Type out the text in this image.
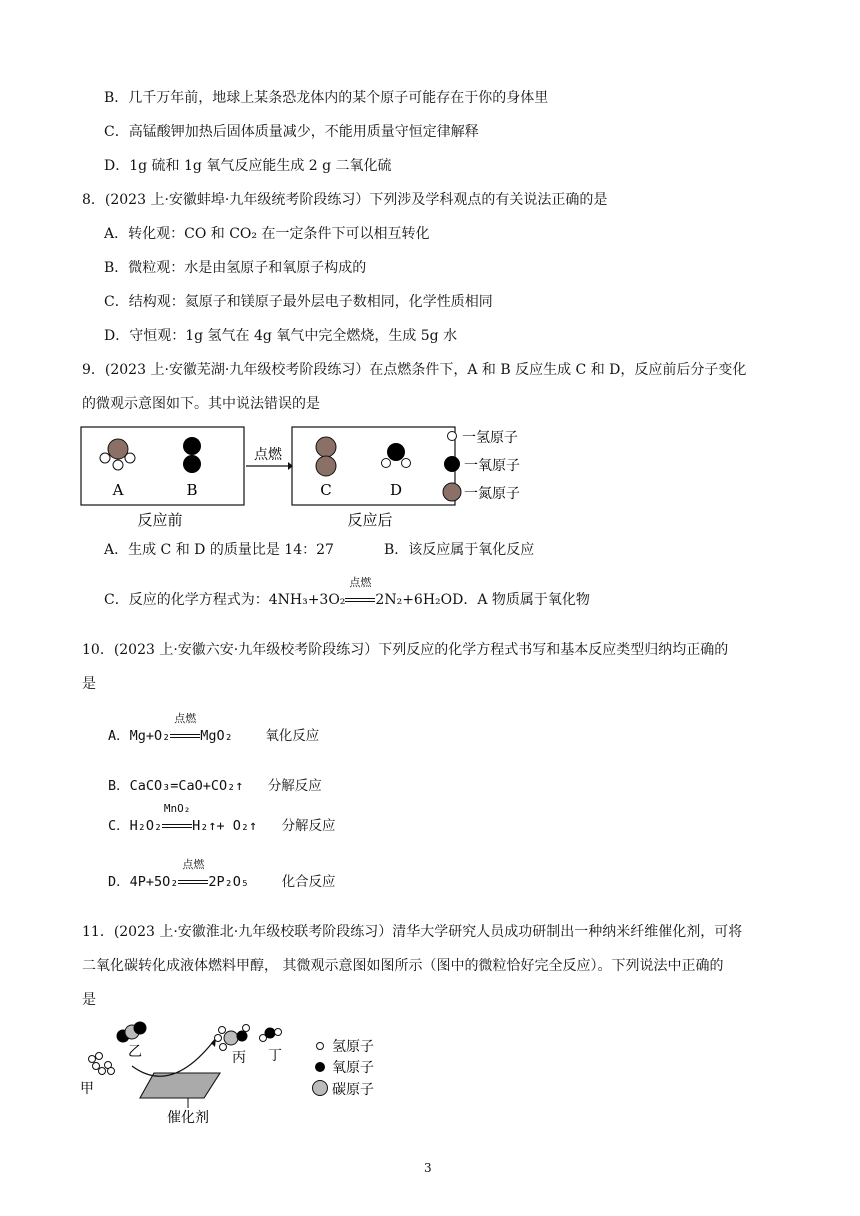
B．几千万年前，地球上某条恐龙体内的某个原子可能存在于你的身体里
C．高锰酸钾加热后固体质量减少，不能用质量守恒定律解释
D．1g 硫和 1g 氧气反应能生成 2 g 二氧化硫
8．(2023 上·安徽蚌埠·九年级统考阶段练习）下列涉及学科观点的有关说法正确的是
A．转化观：CO 和 CO₂ 在一定条件下可以相互转化
B．微粒观：水是由氢原子和氧原子构成的
C．结构观：氦原子和镁原子最外层电子数相同，化学性质相同
D．守恒观：1g 氢气在 4g 氧气中完全燃烧，生成 5g 水
9．(2023 上·安徽芜湖·九年级校考阶段练习）在点燃条件下，A 和 B 反应生成 C 和 D，反应前后分子变化
的微观示意图如下。其中说法错误的是
A	B
点燃
C	D
反应前	反应后
一氢原子
一氧原子
一氮原子
A．生成 C 和 D 的质量比是 14：27	B．该反应属于氧化反应
C．反应的化学方程式为：4NH₃+3O₂
点燃
2N₂+6H₂OD．A 物质属于氧化物
10．(2023 上·安徽六安·九年级校考阶段练习）下列反应的化学方程式书写和基本反应类型归纳均正确的
是
A．Mg+O₂
点燃
MgO₂ 氧化反应
B．CaCO₃=CaO+CO₂↑ 分解反应
C．H₂O₂
MnO₂
H₂↑+ O₂↑ 分解反应
D．4P+5O₂
点燃
2P₂O₅ 化合反应
11．(2023 上·安徽淮北·九年级校联考阶段练习）清华大学研究人员成功研制出一种纳米纤维催化剂，可将
二氧化碳转化成液体燃料甲醇， 其微观示意图如图所示（图中的微粒恰好完全反应）。下列说法中正确的
是
催化剂
乙
甲
丙 丁
氢原子
氧原子
碳原子
3
